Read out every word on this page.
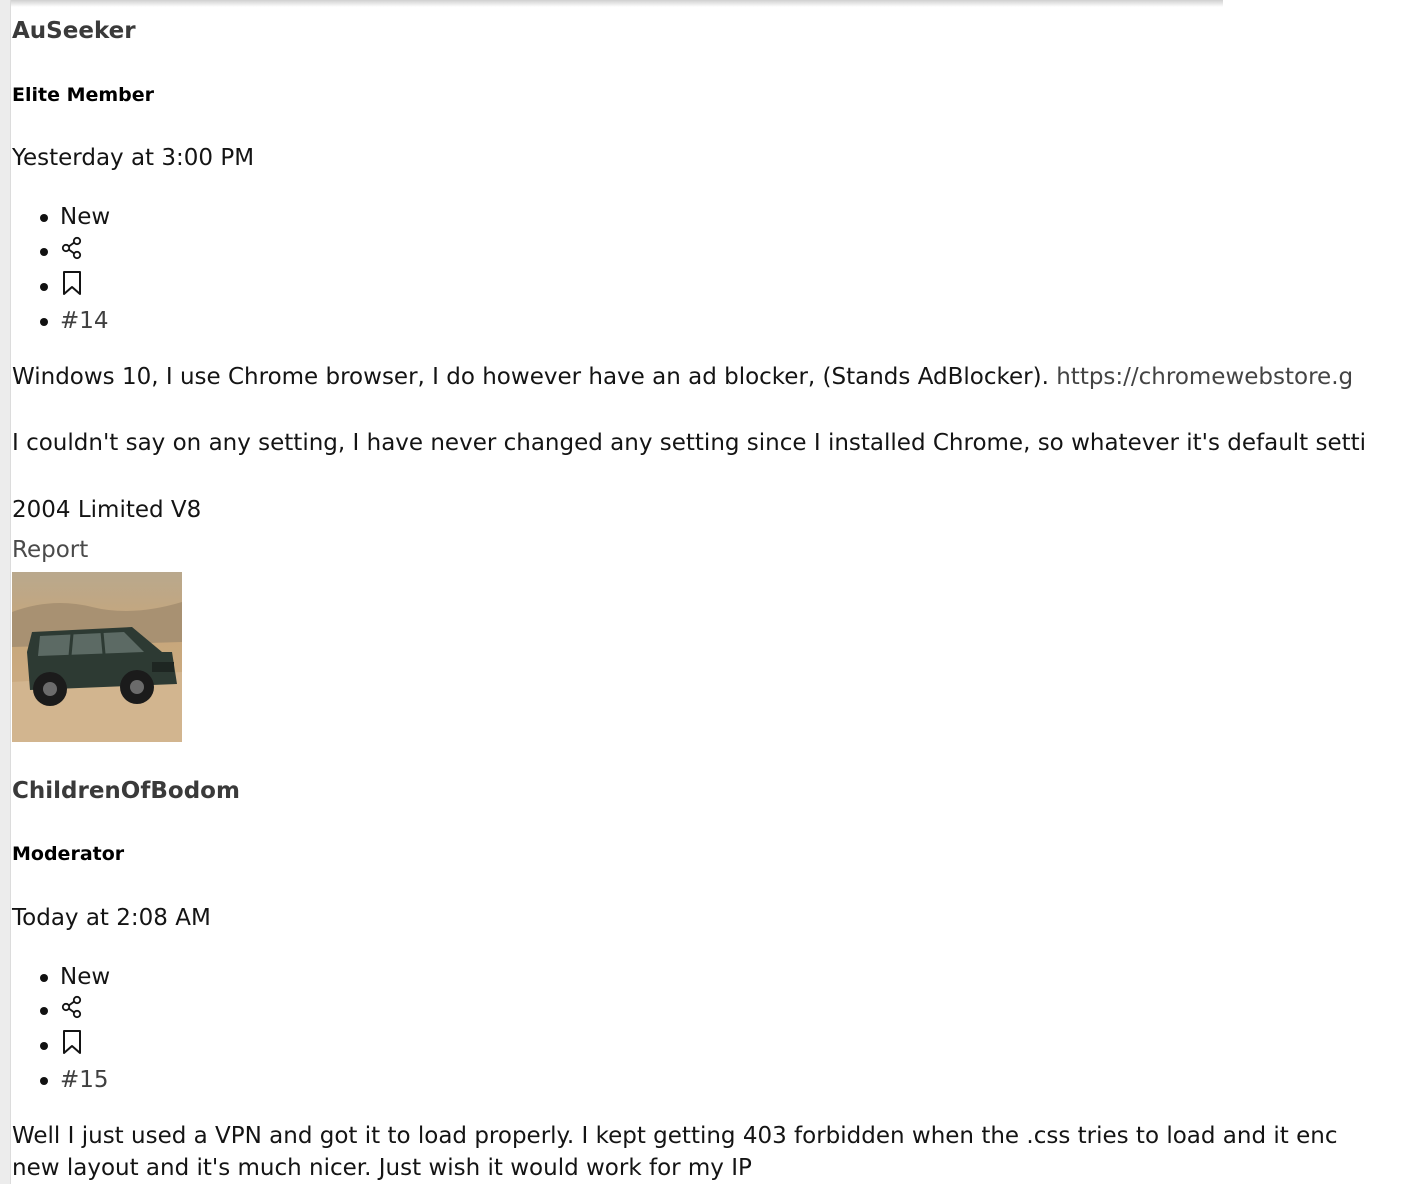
AuSeeker
Elite Member
Yesterday at 3:00 PM
New
#14
Windows 10, I use Chrome browser, I do however have an ad blocker, (Stands AdBlocker). https://chromewebstore.g
I couldn't say on any setting, I have never changed any setting since I installed Chrome, so whatever it's default setti
2004 Limited V8
Report
ChildrenOfBodom
Moderator
Today at 2:08 AM
New
#15
Well I just used a VPN and got it to load properly. I kept getting 403 forbidden when the .css tries to load and it enc
new layout and it's much nicer. Just wish it would work for my IP
